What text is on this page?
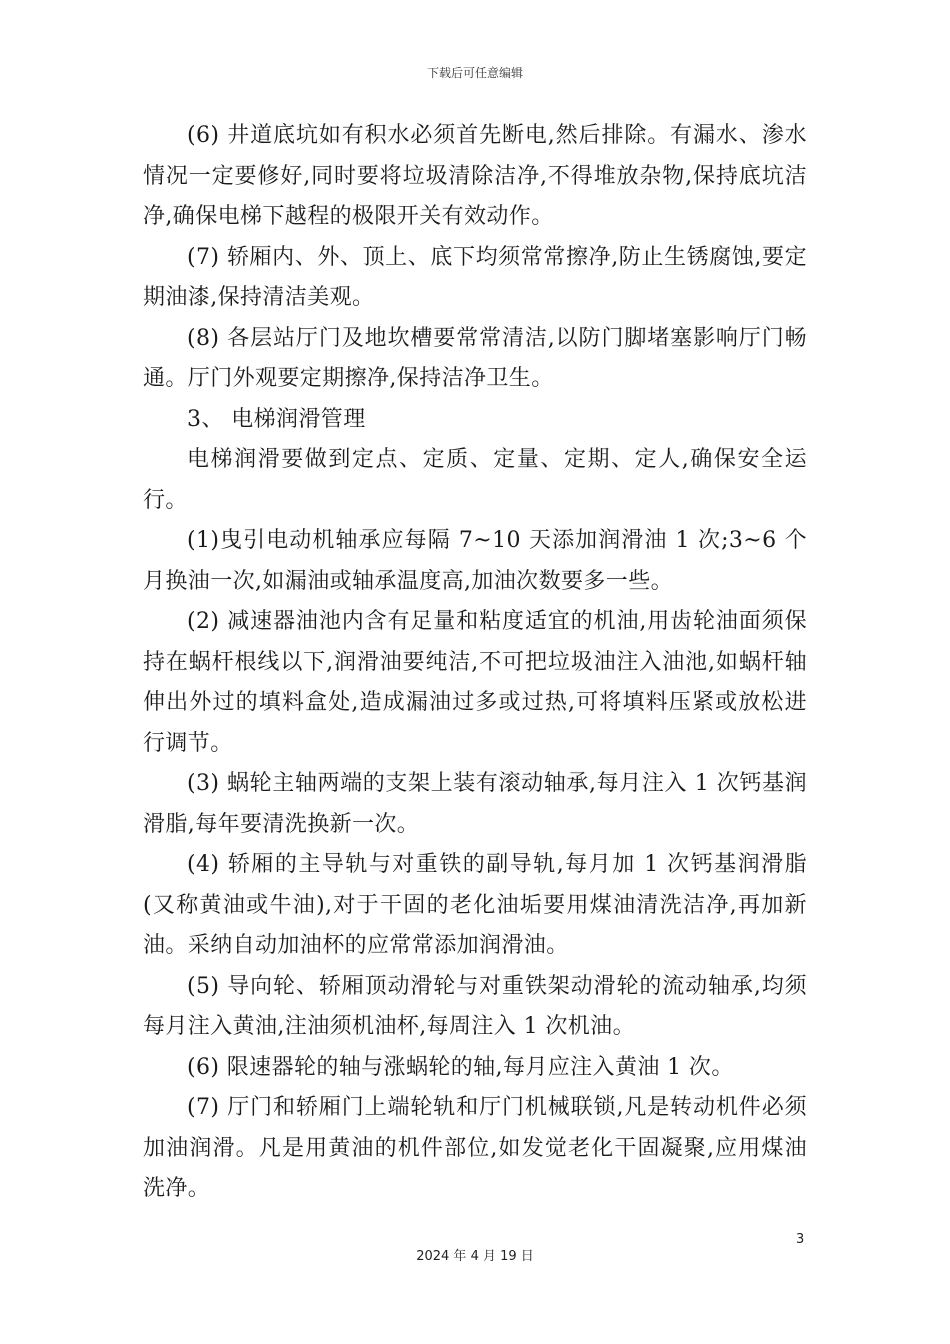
下载后可任意编辑

(6) 井道底坑如有积水必须首先断电,然后排除。有漏水、渗水情况一定要修好,同时要将垃圾清除洁净,不得堆放杂物,保持底坑洁净,确保电梯下越程的极限开关有效动作。

(7) 轿厢内、外、顶上、底下均须常常擦净,防止生锈腐蚀,要定期油漆,保持清洁美观。

(8) 各层站厅门及地坎槽要常常清洁,以防门脚堵塞影响厅门畅通。厅门外观要定期擦净,保持洁净卫生。

3、 电梯润滑管理

电梯润滑要做到定点、定质、定量、定期、定人,确保安全运行。

(1)曳引电动机轴承应每隔 7~10 天添加润滑油 1 次;3~6 个月换油一次,如漏油或轴承温度高,加油次数要多一些。

(2) 减速器油池内含有足量和粘度适宜的机油,用齿轮油面须保持在蜗杆根线以下,润滑油要纯洁,不可把垃圾油注入油池,如蜗杆轴伸出外过的填料盒处,造成漏油过多或过热,可将填料压紧或放松进行调节。

(3) 蜗轮主轴两端的支架上装有滚动轴承,每月注入 1 次钙基润滑脂,每年要清洗换新一次。

(4) 轿厢的主导轨与对重铁的副导轨,每月加 1 次钙基润滑脂(又称黄油或牛油),对于干固的老化油垢要用煤油清洗洁净,再加新油。采纳自动加油杯的应常常添加润滑油。

(5) 导向轮、轿厢顶动滑轮与对重铁架动滑轮的流动轴承,均须每月注入黄油,注油须机油杯,每周注入 1 次机油。

(6) 限速器轮的轴与涨蜗轮的轴,每月应注入黄油 1 次。

(7) 厅门和轿厢门上端轮轨和厅门机械联锁,凡是转动机件必须加油润滑。凡是用黄油的机件部位,如发觉老化干固凝聚,应用煤油洗净。

3
2024 年 4 月 19 日
